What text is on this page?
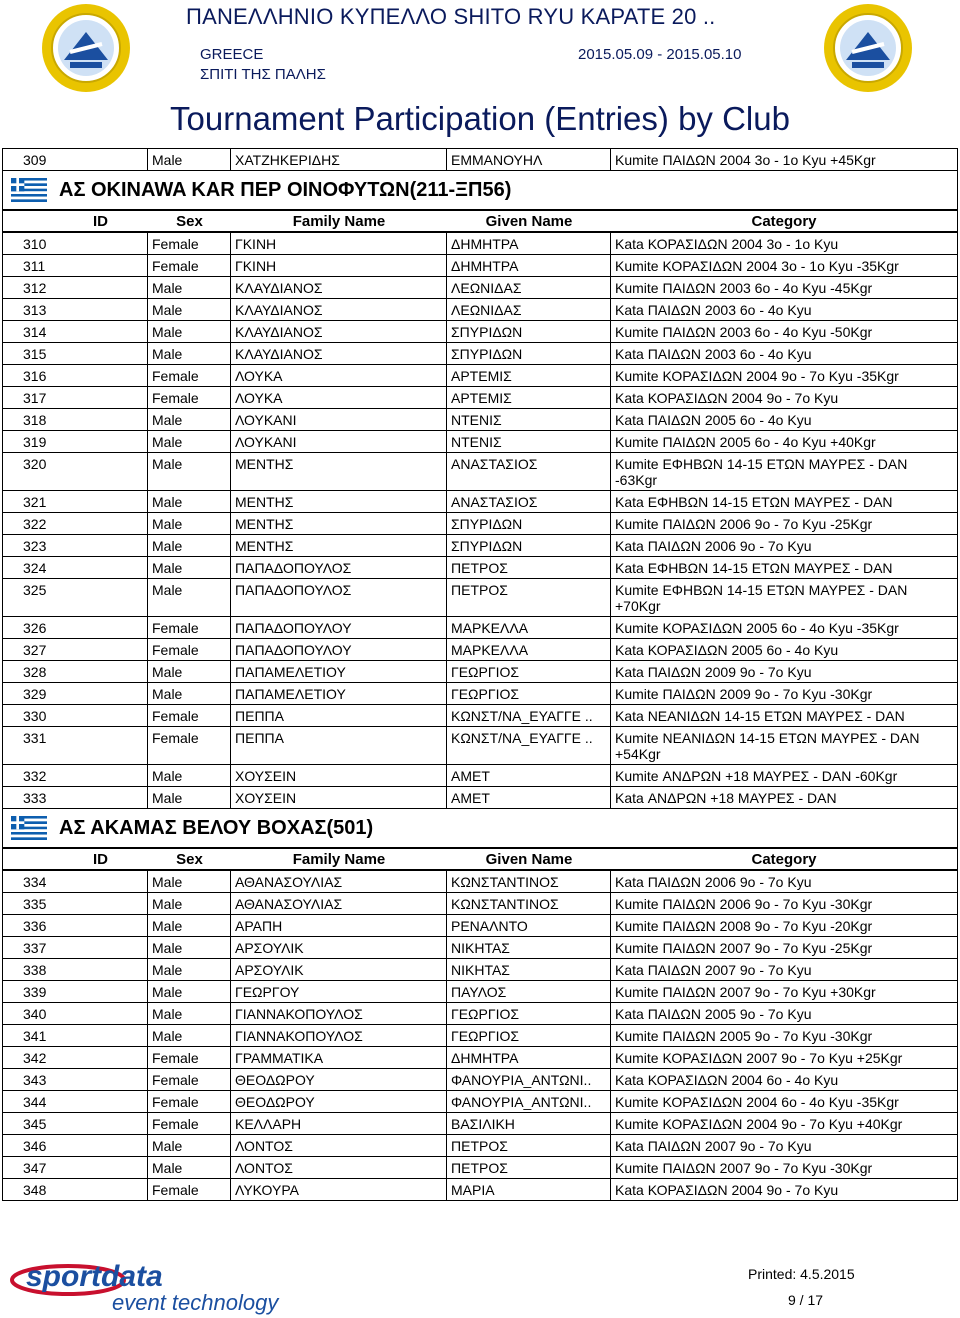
ΠΑΝΕΛΛΗΝΙΟ ΚΥΠΕΛΛΟ SHITO RYU ΚΑΡΑΤΕ 20 ..
GREECE
ΣΠΙΤΙ ΤΗΣ ΠΑΛΗΣ
2015.05.09 - 2015.05.10
Tournament Participation (Entries) by Club
309	Male	ΧΑΤΖΗΚΕΡΙΔΗΣ	ΕΜΜΑΝΟΥΗΛ	Kumite ΠΑΙΔΩΝ 2004 3ο - 1ο Kyu +45Kgr
ΑΣ OKINAWA KAR ΠΕΡ ΟΙΝΟΦΥΤΩΝ(211-ΞΠ56)
ID	Sex	Family Name	Given Name	Category
310	Female	ΓΚΙΝΗ	ΔΗΜΗΤΡΑ	Kata ΚΟΡΑΣΙΔΩΝ 2004 3ο - 1ο Kyu
311	Female	ΓΚΙΝΗ	ΔΗΜΗΤΡΑ	Kumite ΚΟΡΑΣΙΔΩΝ 2004 3ο - 1ο Kyu -35Kgr
312	Male	ΚΛΑΥΔΙΑΝΟΣ	ΛΕΩΝΙΔΑΣ	Kumite ΠΑΙΔΩΝ 2003 6ο - 4ο Kyu -45Kgr
313	Male	ΚΛΑΥΔΙΑΝΟΣ	ΛΕΩΝΙΔΑΣ	Kata ΠΑΙΔΩΝ 2003 6ο - 4ο Kyu
314	Male	ΚΛΑΥΔΙΑΝΟΣ	ΣΠΥΡΙΔΩΝ	Kumite ΠΑΙΔΩΝ 2003 6ο - 4ο Kyu -50Kgr
315	Male	ΚΛΑΥΔΙΑΝΟΣ	ΣΠΥΡΙΔΩΝ	Kata ΠΑΙΔΩΝ 2003 6ο - 4ο Kyu
316	Female	ΛΟΥΚΑ	ΑΡΤΕΜΙΣ	Kumite ΚΟΡΑΣΙΔΩΝ 2004 9ο - 7ο Kyu -35Kgr
317	Female	ΛΟΥΚΑ	ΑΡΤΕΜΙΣ	Kata ΚΟΡΑΣΙΔΩΝ 2004 9ο - 7ο Kyu
318	Male	ΛΟΥΚΑΝΙ	ΝΤΕΝΙΣ	Kata ΠΑΙΔΩΝ 2005 6ο - 4ο Kyu
319	Male	ΛΟΥΚΑΝΙ	ΝΤΕΝΙΣ	Kumite ΠΑΙΔΩΝ 2005 6ο - 4ο Kyu +40Kgr
320	Male	ΜΕΝΤΗΣ	ΑΝΑΣΤΑΣΙΟΣ	Kumite ΕΦΗΒΩΝ 14-15 ΕΤΩΝ ΜΑΥΡΕΣ - DAN -63Kgr
321	Male	ΜΕΝΤΗΣ	ΑΝΑΣΤΑΣΙΟΣ	Kata ΕΦΗΒΩΝ 14-15 ΕΤΩΝ ΜΑΥΡΕΣ - DAN
322	Male	ΜΕΝΤΗΣ	ΣΠΥΡΙΔΩΝ	Kumite ΠΑΙΔΩΝ 2006 9ο - 7ο Kyu -25Kgr
323	Male	ΜΕΝΤΗΣ	ΣΠΥΡΙΔΩΝ	Kata ΠΑΙΔΩΝ 2006 9ο - 7ο Kyu
324	Male	ΠΑΠΑΔΟΠΟΥΛΟΣ	ΠΕΤΡΟΣ	Kata ΕΦΗΒΩΝ 14-15 ΕΤΩΝ ΜΑΥΡΕΣ - DAN
325	Male	ΠΑΠΑΔΟΠΟΥΛΟΣ	ΠΕΤΡΟΣ	Kumite ΕΦΗΒΩΝ 14-15 ΕΤΩΝ ΜΑΥΡΕΣ - DAN +70Kgr
326	Female	ΠΑΠΑΔΟΠΟΥΛΟΥ	ΜΑΡΚΕΛΛΑ	Kumite ΚΟΡΑΣΙΔΩΝ 2005 6ο - 4ο Kyu -35Kgr
327	Female	ΠΑΠΑΔΟΠΟΥΛΟΥ	ΜΑΡΚΕΛΛΑ	Kata ΚΟΡΑΣΙΔΩΝ 2005 6ο - 4ο Kyu
328	Male	ΠΑΠΑΜΕΛΕΤΙΟΥ	ΓΕΩΡΓΙΟΣ	Kata ΠΑΙΔΩΝ 2009 9ο - 7ο Kyu
329	Male	ΠΑΠΑΜΕΛΕΤΙΟΥ	ΓΕΩΡΓΙΟΣ	Kumite ΠΑΙΔΩΝ 2009 9ο - 7ο Kyu -30Kgr
330	Female	ΠΕΠΠΑ	ΚΩΝΣΤ/ΝΑ_ΕΥΑΓΓΕ ..	Kata ΝΕΑΝΙΔΩΝ 14-15 ΕΤΩΝ ΜΑΥΡΕΣ - DAN
331	Female	ΠΕΠΠΑ	ΚΩΝΣΤ/ΝΑ_ΕΥΑΓΓΕ ..	Kumite ΝΕΑΝΙΔΩΝ 14-15 ΕΤΩΝ ΜΑΥΡΕΣ - DAN +54Kgr
332	Male	ΧΟΥΣΕΙΝ	ΑΜΕΤ	Kumite ΑΝΔΡΩΝ +18 ΜΑΥΡΕΣ - DAN -60Kgr
333	Male	ΧΟΥΣΕΙΝ	ΑΜΕΤ	Kata ΑΝΔΡΩΝ +18 ΜΑΥΡΕΣ - DAN
ΑΣ ΑΚΑΜΑΣ ΒΕΛΟΥ ΒΟΧΑΣ(501)
ID	Sex	Family Name	Given Name	Category
334	Male	ΑΘΑΝΑΣΟΥΛΙΑΣ	ΚΩΝΣΤΑΝΤΙΝΟΣ	Kata ΠΑΙΔΩΝ 2006 9ο - 7ο Kyu
335	Male	ΑΘΑΝΑΣΟΥΛΙΑΣ	ΚΩΝΣΤΑΝΤΙΝΟΣ	Kumite ΠΑΙΔΩΝ 2006 9ο - 7ο Kyu -30Kgr
336	Male	ΑΡΑΠΗ	ΡΕΝΑΛΝΤΟ	Kumite ΠΑΙΔΩΝ 2008 9ο - 7ο Kyu -20Kgr
337	Male	ΑΡΣΟΥΛΙΚ	ΝΙΚΗΤΑΣ	Kumite ΠΑΙΔΩΝ 2007 9ο - 7ο Kyu -25Kgr
338	Male	ΑΡΣΟΥΛΙΚ	ΝΙΚΗΤΑΣ	Kata ΠΑΙΔΩΝ 2007 9ο - 7ο Kyu
339	Male	ΓΕΩΡΓΟΥ	ΠΑΥΛΟΣ	Kumite ΠΑΙΔΩΝ 2007 9ο - 7ο Kyu +30Kgr
340	Male	ΓΙΑΝΝΑΚΟΠΟΥΛΟΣ	ΓΕΩΡΓΙΟΣ	Kata ΠΑΙΔΩΝ 2005 9ο - 7ο Kyu
341	Male	ΓΙΑΝΝΑΚΟΠΟΥΛΟΣ	ΓΕΩΡΓΙΟΣ	Kumite ΠΑΙΔΩΝ 2005 9ο - 7ο Kyu -30Kgr
342	Female	ΓΡΑΜΜΑΤΙΚΑ	ΔΗΜΗΤΡΑ	Kumite ΚΟΡΑΣΙΔΩΝ 2007 9ο - 7ο Kyu +25Kgr
343	Female	ΘΕΟΔΩΡΟΥ	ΦΑΝΟΥΡΙΑ_ΑΝΤΩΝΙ..	Kata ΚΟΡΑΣΙΔΩΝ 2004 6ο - 4ο Kyu
344	Female	ΘΕΟΔΩΡΟΥ	ΦΑΝΟΥΡΙΑ_ΑΝΤΩΝΙ..	Kumite ΚΟΡΑΣΙΔΩΝ 2004 6ο - 4ο Kyu -35Kgr
345	Female	ΚΕΛΛΑΡΗ	ΒΑΣΙΛΙΚΗ	Kumite ΚΟΡΑΣΙΔΩΝ 2004 9ο - 7ο Kyu +40Kgr
346	Male	ΛΟΝΤΟΣ	ΠΕΤΡΟΣ	Kata ΠΑΙΔΩΝ 2007 9ο - 7ο Kyu
347	Male	ΛΟΝΤΟΣ	ΠΕΤΡΟΣ	Kumite ΠΑΙΔΩΝ 2007 9ο - 7ο Kyu -30Kgr
348	Female	ΛΥΚΟΥΡΑ	ΜΑΡΙΑ	Kata ΚΟΡΑΣΙΔΩΝ 2004 9ο - 7ο Kyu
sportdata
event technology
Printed: 4.5.2015
9 / 17
